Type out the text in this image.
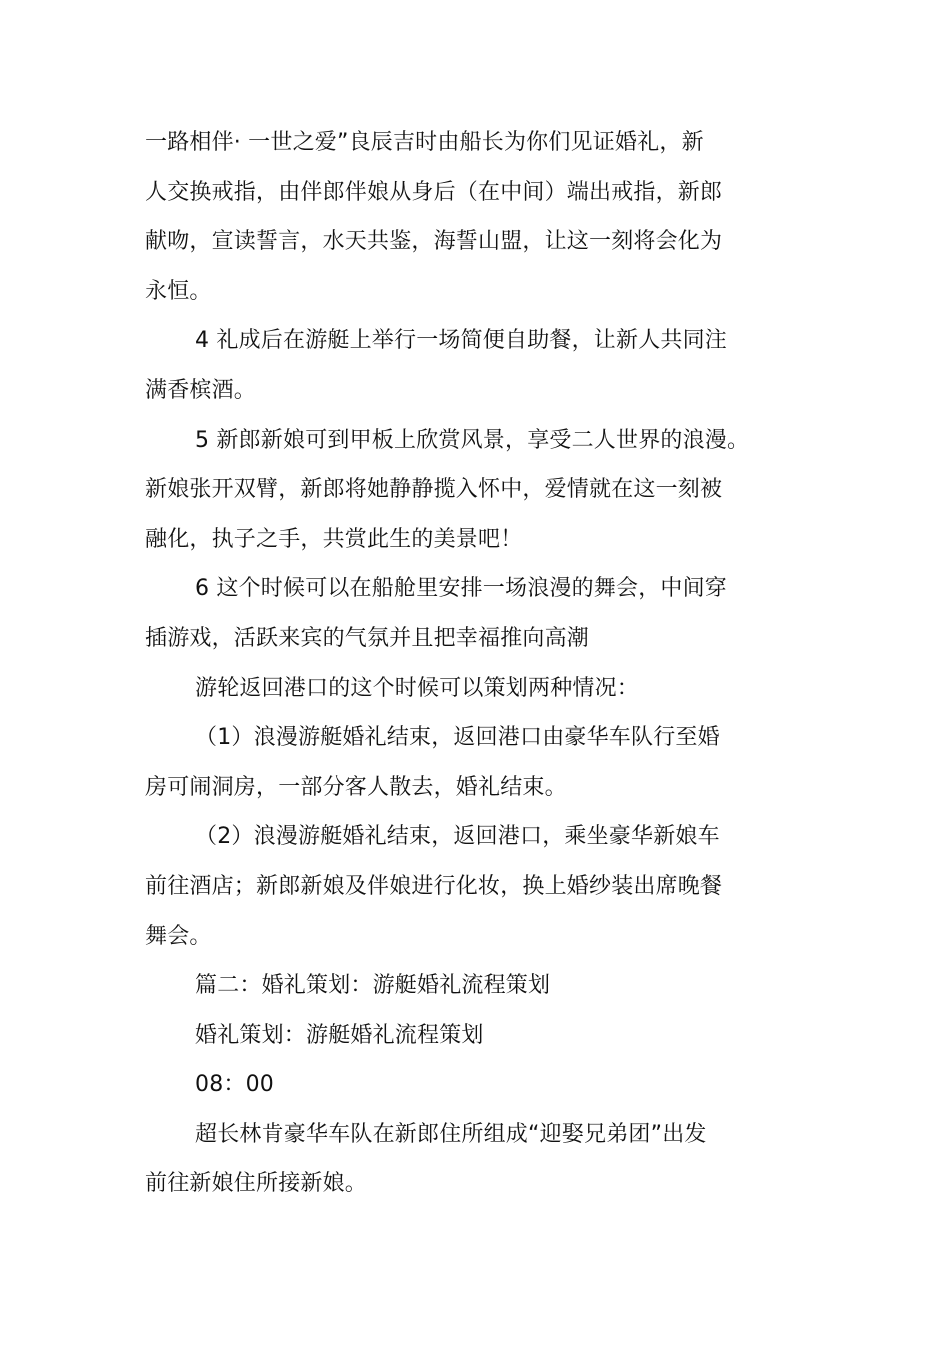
一路相伴· 一世之爱”良辰吉时由船长为你们见证婚礼，新
人交换戒指，由伴郎伴娘从身后（在中间）端出戒指，新郎
献吻，宣读誓言，水天共鉴，海誓山盟，让这一刻将会化为
永恒。
4 礼成后在游艇上举行一场简便自助餐，让新人共同注
满香槟酒。
5 新郎新娘可到甲板上欣赏风景，享受二人世界的浪漫。
新娘张开双臂，新郎将她静静揽入怀中，爱情就在这一刻被
融化，执子之手，共赏此生的美景吧！
6 这个时候可以在船舱里安排一场浪漫的舞会，中间穿
插游戏，活跃来宾的气氛并且把幸福推向高潮
游轮返回港口的这个时候可以策划两种情况：
（1）浪漫游艇婚礼结束，返回港口由豪华车队行至婚
房可闹洞房，一部分客人散去，婚礼结束。
（2）浪漫游艇婚礼结束，返回港口，乘坐豪华新娘车
前往酒店；新郎新娘及伴娘进行化妆，换上婚纱装出席晚餐
舞会。
篇二：婚礼策划：游艇婚礼流程策划
婚礼策划：游艇婚礼流程策划
08：00
超长林肯豪华车队在新郎住所组成“迎娶兄弟团”出发
前往新娘住所接新娘。
